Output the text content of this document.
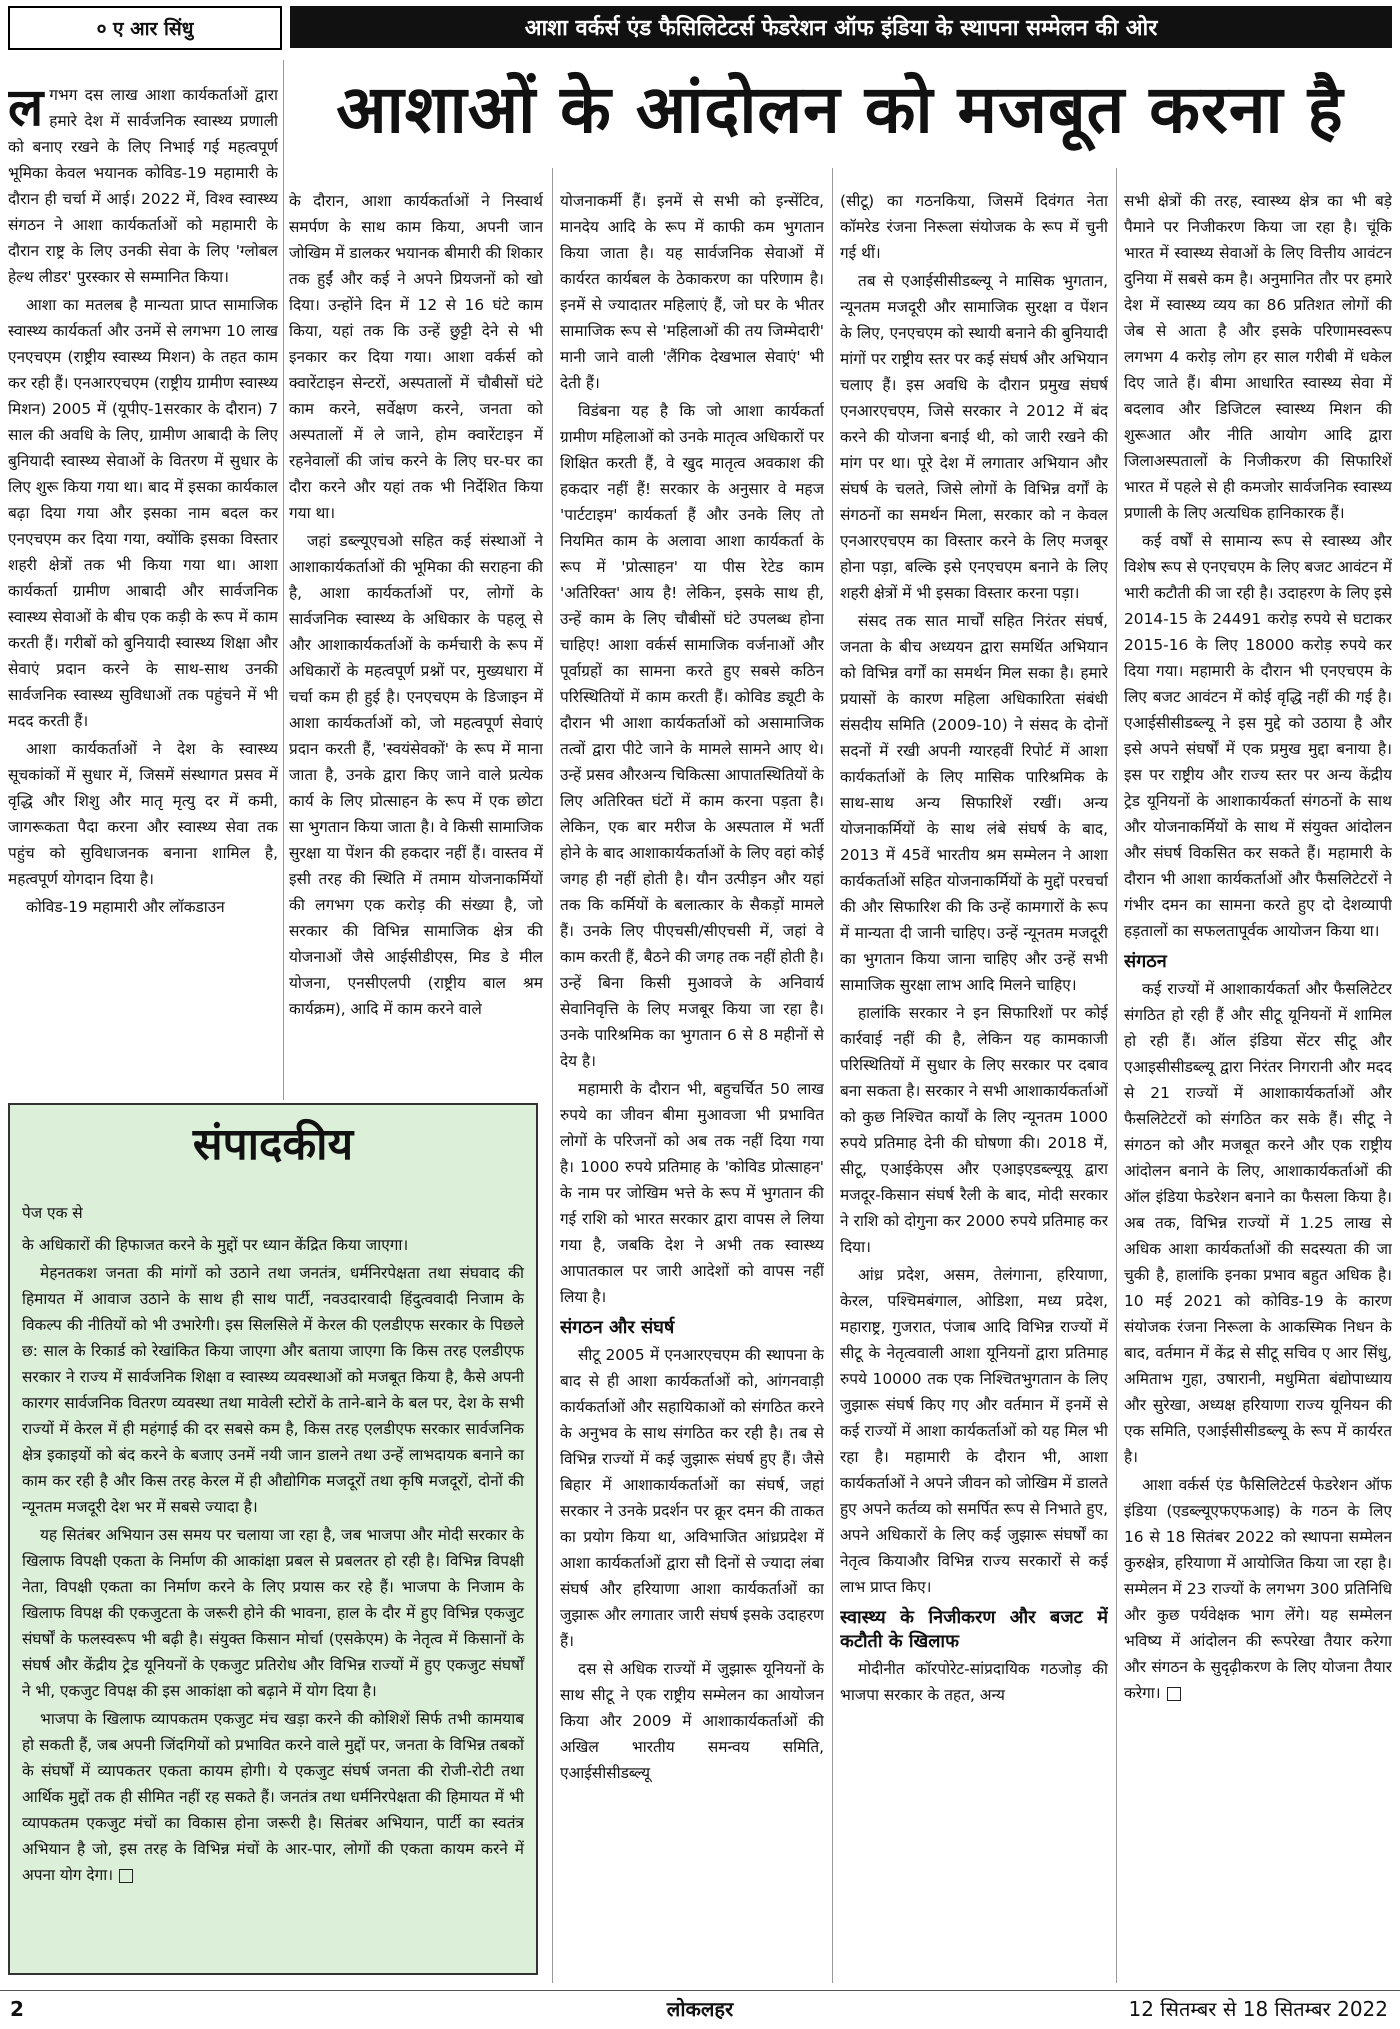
० ए आर सिंधु	आशा वर्कर्स एंड फैसिलिटेटर्स फेडरेशन ऑफ इंडिया के स्थापना सम्मेलन की ओर
आशाओं के आंदोलन को मजबूत करना है

लगभग दस लाख आशा कार्यकर्ताओं द्वारा हमारे देश में सार्वजनिक स्वास्थ्य प्रणाली को बनाए रखने के लिए निभाई गई महत्वपूर्ण भूमिका केवल भयानक कोविड-19 महामारी के दौरान ही चर्चा में आई। 2022 में, विश्व स्वास्थ्य संगठन ने आशा कार्यकर्ताओं को महामारी के दौरान राष्ट्र के लिए उनकी सेवा के लिए 'ग्लोबल हेल्थ लीडर' पुरस्कार से सम्मानित किया।

आशा का मतलब है मान्यता प्राप्त सामाजिक स्वास्थ्य कार्यकर्ता और उनमें से लगभग 10 लाख एनएचएम (राष्ट्रीय स्वास्थ्य मिशन) के तहत काम कर रही हैं। एनआरएचएम (राष्ट्रीय ग्रामीण स्वास्थ्य मिशन) 2005 में (यूपीए-1सरकार के दौरान) 7 साल की अवधि के लिए, ग्रामीण आबादी के लिए बुनियादी स्वास्थ्य सेवाओं के वितरण में सुधार के लिए शुरू किया गया था। बाद में इसका कार्यकाल बढ़ा दिया गया और इसका नाम बदल कर एनएचएम कर दिया गया, क्योंकि इसका विस्तार शहरी क्षेत्रों तक भी किया गया था। आशा कार्यकर्ता ग्रामीण आबादी और सार्वजनिक स्वास्थ्य सेवाओं के बीच एक कड़ी के रूप में काम करती हैं। गरीबों को बुनियादी स्वास्थ्य शिक्षा और सेवाएं प्रदान करने के साथ-साथ उनकी सार्वजनिक स्वास्थ्य सुविधाओं तक पहुंचने में भी मदद करती हैं।

आशा कार्यकर्ताओं ने देश के स्वास्थ्य सूचकांकों में सुधार में, जिसमें संस्थागत प्रसव में वृद्धि और शिशु और मातृ मृत्यु दर में कमी, जागरूकता पैदा करना और स्वास्थ्य सेवा तक पहुंच को सुविधाजनक बनाना शामिल है, महत्वपूर्ण योगदान दिया है।

कोविड-19 महामारी और लॉकडाउन

के दौरान, आशा कार्यकर्ताओं ने निस्वार्थ समर्पण के साथ काम किया, अपनी जान जोखिम में डालकर भयानक बीमारी की शिकार तक हुईं और कई ने अपने प्रियजनों को खो दिया। उन्होंने दिन में 12 से 16 घंटे काम किया, यहां तक कि उन्हें छुट्टी देने से भी इनकार कर दिया गया। आशा वर्कर्स को क्वारेंटाइन सेन्टरों, अस्पतालों में चौबीसों घंटे काम करने, सर्वेक्षण करने, जनता को अस्पतालों में ले जाने, होम क्वारेंटाइन में रहनेवालों की जांच करने के लिए घर-घर का दौरा करने और यहां तक भी निर्देशित किया गया था।

जहां डब्ल्यूएचओ सहित कई संस्थाओं ने आशाकार्यकर्ताओं की भूमिका की सराहना की है, आशा कार्यकर्ताओं पर, लोगों के सार्वजनिक स्वास्थ्य के अधिकार के पहलू से और आशाकार्यकर्ताओं के कर्मचारी के रूप में अधिकारों के महत्वपूर्ण प्रश्नों पर, मुख्यधारा में चर्चा कम ही हुई है। एनएचएम के डिजाइन में आशा कार्यकर्ताओं को, जो महत्वपूर्ण सेवाएं प्रदान करती हैं, 'स्वयंसेवकों' के रूप में माना जाता है, उनके द्वारा किए जाने वाले प्रत्येक कार्य के लिए प्रोत्साहन के रूप में एक छोटा सा भुगतान किया जाता है। वे किसी सामाजिक सुरक्षा या पेंशन की हकदार नहीं हैं। वास्तव में इसी तरह की स्थिति में तमाम योजनाकर्मियों की लगभग एक करोड़ की संख्या है, जो सरकार की विभिन्न सामाजिक क्षेत्र की योजनाओं जैसे आईसीडीएस, मिड डे मील योजना, एनसीएलपी (राष्ट्रीय बाल श्रम कार्यक्रम), आदि में काम करने वाले

योजनाकर्मी हैं। इनमें से सभी को इन्सेंटिव, मानदेय आदि के रूप में काफी कम भुगतान किया जाता है। यह सार्वजनिक सेवाओं में कार्यरत कार्यबल के ठेकाकरण का परिणाम है। इनमें से ज्यादातर महिलाएं हैं, जो घर के भीतर सामाजिक रूप से 'महिलाओं की तय जिम्मेदारी' मानी जाने वाली 'लैंगिक देखभाल सेवाएं' भी देती हैं।

विडंबना यह है कि जो आशा कार्यकर्ता ग्रामीण महिलाओं को उनके मातृत्व अधिकारों पर शिक्षित करती हैं, वे खुद मातृत्व अवकाश की हकदार नहीं हैं! सरकार के अनुसार वे महज 'पार्टटाइम' कार्यकर्ता हैं और उनके लिए तो नियमित काम के अलावा आशा कार्यकर्ता के रूप में 'प्रोत्साहन' या पीस रेटेड काम 'अतिरिक्त' आय है! लेकिन, इसके साथ ही, उन्हें काम के लिए चौबीसों घंटे उपलब्ध होना चाहिए! आशा वर्कर्स सामाजिक वर्जनाओं और पूर्वाग्रहों का सामना करते हुए सबसे कठिन परिस्थितियों में काम करती हैं। कोविड ड्यूटी के दौरान भी आशा कार्यकर्ताओं को असामाजिक तत्वों द्वारा पीटे जाने के मामले सामने आए थे। उन्हें प्रसव औरअन्य चिकित्सा आपातस्थितियों के लिए अतिरिक्त घंटों में काम करना पड़ता है। लेकिन, एक बार मरीज के अस्पताल में भर्ती होने के बाद आशाकार्यकर्ताओं के लिए वहां कोई जगह ही नहीं होती है। यौन उत्पीड़न और यहां तक कि कर्मियों के बलात्कार के सैकड़ों मामले हैं। उनके लिए पीएचसी/सीएचसी में, जहां वे काम करती हैं, बैठने की जगह तक नहीं होती है। उन्हें बिना किसी मुआवजे के अनिवार्य सेवानिवृत्ति के लिए मजबूर किया जा रहा है। उनके पारिश्रमिक का भुगतान 6 से 8 महीनों से देय है।

महामारी के दौरान भी, बहुचर्चित 50 लाख रुपये का जीवन बीमा मुआवजा भी प्रभावित लोगों के परिजनों को अब तक नहीं दिया गया है। 1000 रुपये प्रतिमाह के 'कोविड प्रोत्साहन' के नाम पर जोखिम भत्ते के रूप में भुगतान की गई राशि को भारत सरकार द्वारा वापस ले लिया गया है, जबकि देश ने अभी तक स्वास्थ्य आपातकाल पर जारी आदेशों को वापस नहीं लिया है।

संगठन और संघर्ष

सीटू 2005 में एनआरएचएम की स्थापना के बाद से ही आशा कार्यकर्ताओं को, आंगनवाड़ी कार्यकर्ताओं और सहायिकाओं को संगठित करने के अनुभव के साथ संगठित कर रही है। तब से विभिन्न राज्यों में कई जुझारू संघर्ष हुए हैं। जैसे बिहार में आशाकार्यकर्ताओं का संघर्ष, जहां सरकार ने उनके प्रदर्शन पर क्रूर दमन की ताकत का प्रयोग किया था, अविभाजित आंध्रप्रदेश में आशा कार्यकर्ताओं द्वारा सौ दिनों से ज्यादा लंबा संघर्ष और हरियाणा आशा कार्यकर्ताओं का जुझारू और लगातार जारी संघर्ष इसके उदाहरण हैं।

दस से अधिक राज्यों में जुझारू यूनियनों के साथ सीटू ने एक राष्ट्रीय सम्मेलन का आयोजन किया और 2009 में आशाकार्यकर्ताओं की अखिल भारतीय समन्वय समिति, एआईसीसीडब्ल्यू

(सीटू) का गठनकिया, जिसमें दिवंगत नेता कॉमरेड रंजना निरूला संयोजक के रूप में चुनी गई थीं।

तब से एआईसीसीडब्ल्यू ने मासिक भुगतान, न्यूनतम मजदूरी और सामाजिक सुरक्षा व पेंशन के लिए, एनएचएम को स्थायी बनाने की बुनियादी मांगों पर राष्ट्रीय स्तर पर कई संघर्ष और अभियान चलाए हैं। इस अवधि के दौरान प्रमुख संघर्ष एनआरएचएम, जिसे सरकार ने 2012 में बंद करने की योजना बनाई थी, को जारी रखने की मांग पर था। पूरे देश में लगातार अभियान और संघर्ष के चलते, जिसे लोगों के विभिन्न वर्गों के संगठनों का समर्थन मिला, सरकार को न केवल एनआरएचएम का विस्तार करने के लिए मजबूर होना पड़ा, बल्कि इसे एनएचएम बनाने के लिए शहरी क्षेत्रों में भी इसका विस्तार करना पड़ा।

संसद तक सात मार्चों सहित निरंतर संघर्ष, जनता के बीच अध्ययन द्वारा समर्थित अभियान को विभिन्न वर्गों का समर्थन मिल सका है। हमारे प्रयासों के कारण महिला अधिकारिता संबंधी संसदीय समिति (2009-10) ने संसद के दोनों सदनों में रखी अपनी ग्यारहवीं रिपोर्ट में आशा कार्यकर्ताओं के लिए मासिक पारिश्रमिक के साथ-साथ अन्य सिफारिशें रखीं। अन्य योजनाकर्मियों के साथ लंबे संघर्ष के बाद, 2013 में 45वें भारतीय श्रम सम्मेलन ने आशा कार्यकर्ताओं सहित योजनाकर्मियों के मुद्दों परचर्चा की और सिफारिश की कि उन्हें कामगारों के रूप में मान्यता दी जानी चाहिए। उन्हें न्यूनतम मजदूरी का भुगतान किया जाना चाहिए और उन्हें सभी सामाजिक सुरक्षा लाभ आदि मिलने चाहिए।

हालांकि सरकार ने इन सिफारिशों पर कोई कार्रवाई नहीं की है, लेकिन यह कामकाजी परिस्थितियों में सुधार के लिए सरकार पर दबाव बना सकता है। सरकार ने सभी आशाकार्यकर्ताओं को कुछ निश्चित कार्यों के लिए न्यूनतम 1000 रुपये प्रतिमाह देनी की घोषणा की। 2018 में, सीटू, एआईकेएस और एआइएडब्ल्यूयू द्वारा मजदूर-किसान संघर्ष रैली के बाद, मोदी सरकार ने राशि को दोगुना कर 2000 रुपये प्रतिमाह कर दिया।

आंध्र प्रदेश, असम, तेलंगाना, हरियाणा, केरल, पश्चिमबंगाल, ओडिशा, मध्य प्रदेश, महाराष्ट्र, गुजरात, पंजाब आदि विभिन्न राज्यों में सीटू के नेतृत्ववाली आशा यूनियनों द्वारा प्रतिमाह रुपये 10000 तक एक निश्चितभुगतान के लिए जुझारू संघर्ष किए गए और वर्तमान में इनमें से कई राज्यों में आशा कार्यकर्ताओं को यह मिल भी रहा है। महामारी के दौरान भी, आशा कार्यकर्ताओं ने अपने जीवन को जोखिम में डालते हुए अपने कर्तव्य को समर्पित रूप से निभाते हुए, अपने अधिकारों के लिए कई जुझारू संघर्षों का नेतृत्व कियाऔर विभिन्न राज्य सरकारों से कई लाभ प्राप्त किए।

स्वास्थ्य के निजीकरण और बजट में कटौती के खिलाफ

मोदीनीत कॉरपोरेट-सांप्रदायिक गठजोड़ की भाजपा सरकार के तहत, अन्य

सभी क्षेत्रों की तरह, स्वास्थ्य क्षेत्र का भी बड़े पैमाने पर निजीकरण किया जा रहा है। चूंकि भारत में स्वास्थ्य सेवाओं के लिए वित्तीय आवंटन दुनिया में सबसे कम है। अनुमानित तौर पर हमारे देश में स्वास्थ्य व्यय का 86 प्रतिशत लोगों की जेब से आता है और इसके परिणामस्वरूप लगभग 4 करोड़ लोग हर साल गरीबी में धकेल दिए जाते हैं। बीमा आधारित स्वास्थ्य सेवा में बदलाव और डिजिटल स्वास्थ्य मिशन की शुरूआत और नीति आयोग आदि द्वारा जिलाअस्पतालों के निजीकरण की सिफारिशें भारत में पहले से ही कमजोर सार्वजनिक स्वास्थ्य प्रणाली के लिए अत्यधिक हानिकारक हैं।

कई वर्षों से सामान्य रूप से स्वास्थ्य और विशेष रूप से एनएचएम के लिए बजट आवंटन में भारी कटौती की जा रही है। उदाहरण के लिए इसे 2014-15 के 24491 करोड़ रुपये से घटाकर 2015-16 के लिए 18000 करोड़ रुपये कर दिया गया। महामारी के दौरान भी एनएचएम के लिए बजट आवंटन में कोई वृद्धि नहीं की गई है। एआईसीसीडब्ल्यू ने इस मुद्दे को उठाया है और इसे अपने संघर्षों में एक प्रमुख मुद्दा बनाया है। इस पर राष्ट्रीय और राज्य स्तर पर अन्य केंद्रीय ट्रेड यूनियनों के आशाकार्यकर्ता संगठनों के साथ और योजनाकर्मियों के साथ में संयुक्त आंदोलन और संघर्ष विकसित कर सकते हैं। महामारी के दौरान भी आशा कार्यकर्ताओं और फैसलिटेटरों ने गंभीर दमन का सामना करते हुए दो देशव्यापी हड़तालों का सफलतापूर्वक आयोजन किया था।

संगठन

कई राज्यों में आशाकार्यकर्ता और फैसलिटेटर संगठित हो रही हैं और सीटू यूनियनों में शामिल हो रही हैं। ऑल इंडिया सेंटर सीटू और एआइसीसीडब्ल्यू द्वारा निरंतर निगरानी और मदद से 21 राज्यों में आशाकार्यकर्ताओं और फैसलिटेटरों को संगठित कर सके हैं। सीटू ने संगठन को और मजबूत करने और एक राष्ट्रीय आंदोलन बनाने के लिए, आशाकार्यकर्ताओं की ऑल इंडिया फेडरेशन बनाने का फैसला किया है। अब तक, विभिन्न राज्यों में 1.25 लाख से अधिक आशा कार्यकर्ताओं की सदस्यता की जा चुकी है, हालांकि इनका प्रभाव बहुत अधिक है। 10 मई 2021 को कोविड-19 के कारण संयोजक रंजना निरूला के आकस्मिक निधन के बाद, वर्तमान में केंद्र से सीटू सचिव ए आर सिंधु, अमिताभ गुहा, उषारानी, मधुमिता बंद्योपाध्याय और सुरेखा, अध्यक्ष हरियाणा राज्य यूनियन की एक समिति, एआईसीसीडब्ल्यू के रूप में कार्यरत है।

आशा वर्कर्स एंड फैसिलिटेटर्स फेडरेशन ऑफ इंडिया (एडब्ल्यूएफएफआइ) के गठन के लिए 16 से 18 सितंबर 2022 को स्थापना सम्मेलन कुरुक्षेत्र, हरियाणा में आयोजित किया जा रहा है। सम्मेलन में 23 राज्यों के लगभग 300 प्रतिनिधि और कुछ पर्यवेक्षक भाग लेंगे। यह सम्मेलन भविष्य में आंदोलन की रूपरेखा तैयार करेगा और संगठन के सुदृढ़ीकरण के लिए योजना तैयार करेगा।

संपादकीय

पेज एक से

के अधिकारों की हिफाजत करने के मुद्दों पर ध्यान केंद्रित किया जाएगा।

मेहनतकश जनता की मांगों को उठाने तथा जनतंत्र, धर्मनिरपेक्षता तथा संघवाद की हिमायत में आवाज उठाने के साथ ही साथ पार्टी, नवउदारवादी हिंदुत्ववादी निजाम के विकल्प की नीतियों को भी उभारेगी। इस सिलसिले में केरल की एलडीएफ सरकार के पिछले छ: साल के रिकार्ड को रेखांकित किया जाएगा और बताया जाएगा कि किस तरह एलडीएफ सरकार ने राज्य में सार्वजनिक शिक्षा व स्वास्थ्य व्यवस्थाओं को मजबूत किया है, कैसे अपनी कारगर सार्वजनिक वितरण व्यवस्था तथा मावेली स्टोरों के ताने-बाने के बल पर, देश के सभी राज्यों में केरल में ही महंगाई की दर सबसे कम है, किस तरह एलडीएफ सरकार सार्वजनिक क्षेत्र इकाइयों को बंद करने के बजाए उनमें नयी जान डालने तथा उन्हें लाभदायक बनाने का काम कर रही है और किस तरह केरल में ही औद्योगिक मजदूरों तथा कृषि मजदूरों, दोनों की न्यूनतम मजदूरी देश भर में सबसे ज्यादा है।

यह सितंबर अभियान उस समय पर चलाया जा रहा है, जब भाजपा और मोदी सरकार के खिलाफ विपक्षी एकता के निर्माण की आकांक्षा प्रबल से प्रबलतर हो रही है। विभिन्न विपक्षी नेता, विपक्षी एकता का निर्माण करने के लिए प्रयास कर रहे हैं। भाजपा के निजाम के खिलाफ विपक्ष की एकजुटता के जरूरी होने की भावना, हाल के दौर में हुए विभिन्न एकजुट संघर्षों के फलस्वरूप भी बढ़ी है। संयुक्त किसान मोर्चा (एसकेएम) के नेतृत्व में किसानों के संघर्ष और केंद्रीय ट्रेड यूनियनों के एकजुट प्रतिरोध और विभिन्न राज्यों में हुए एकजुट संघर्षों ने भी, एकजुट विपक्ष की इस आकांक्षा को बढ़ाने में योग दिया है।

भाजपा के खिलाफ व्यापकतम एकजुट मंच खड़ा करने की कोशिशें सिर्फ तभी कामयाब हो सकती हैं, जब अपनी जिंदगियों को प्रभावित करने वाले मुद्दों पर, जनता के विभिन्न तबकों के संघर्षों में व्यापकतर एकता कायम होगी। ये एकजुट संघर्ष जनता की रोजी-रोटी तथा आर्थिक मुद्दों तक ही सीमित नहीं रह सकते हैं। जनतंत्र तथा धर्मनिरपेक्षता की हिमायत में भी व्यापकतम एकजुट मंचों का विकास होना जरूरी है। सितंबर अभियान, पार्टी का स्वतंत्र अभियान है जो, इस तरह के विभिन्न मंचों के आर-पार, लोगों की एकता कायम करने में अपना योग देगा।

लोकलहर
2	12 सितम्बर से 18 सितम्बर 2022
